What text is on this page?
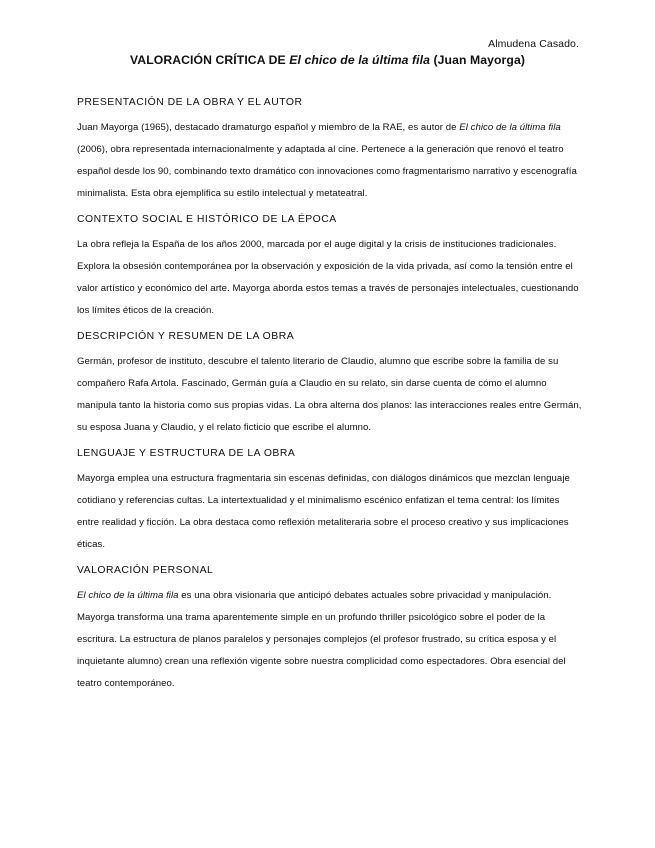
Almudena Casado.
VALORACIÓN CRÍTICA DE El chico de la última fila (Juan Mayorga)
PRESENTACIÓN DE LA OBRA Y EL AUTOR

Juan Mayorga (1965), destacado dramaturgo español y miembro de la RAE, es autor de El chico de la última fila (2006), obra representada internacionalmente y adaptada al cine. Pertenece a la generación que renovó el teatro español desde los 90, combinando texto dramático con innovaciones como fragmentarismo narrativo y escenografía minimalista. Esta obra ejemplifica su estilo intelectual y metateatral.

CONTEXTO SOCIAL E HISTÓRICO DE LA ÉPOCA

La obra refleja la España de los años 2000, marcada por el auge digital y la crisis de instituciones tradicionales. Explora la obsesión contemporánea por la observación y exposición de la vida privada, así como la tensión entre el valor artístico y económico del arte. Mayorga aborda estos temas a través de personajes intelectuales, cuestionando los límites éticos de la creación.

DESCRIPCIÓN Y RESUMEN DE LA OBRA

Germán, profesor de instituto, descubre el talento literario de Claudio, alumno que escribe sobre la familia de su compañero Rafa Artola. Fascinado, Germán guía a Claudio en su relato, sin darse cuenta de cómo el alumno manipula tanto la historia como sus propias vidas. La obra alterna dos planos: las interacciones reales entre Germán, su esposa Juana y Claudio, y el relato ficticio que escribe el alumno.

LENGUAJE Y ESTRUCTURA DE LA OBRA

Mayorga emplea una estructura fragmentaria sin escenas definidas, con diálogos dinámicos que mezclan lenguaje cotidiano y referencias cultas. La intertextualidad y el minimalismo escénico enfatizan el tema central: los límites entre realidad y ficción. La obra destaca como reflexión metaliteraria sobre el proceso creativo y sus implicaciones éticas.

VALORACIÓN PERSONAL

El chico de la última fila es una obra visionaria que anticipó debates actuales sobre privacidad y manipulación. Mayorga transforma una trama aparentemente simple en un profundo thriller psicológico sobre el poder de la escritura. La estructura de planos paralelos y personajes complejos (el profesor frustrado, su crítica esposa y el inquietante alumno) crean una reflexión vigente sobre nuestra complicidad como espectadores. Obra esencial del teatro contemporáneo.
